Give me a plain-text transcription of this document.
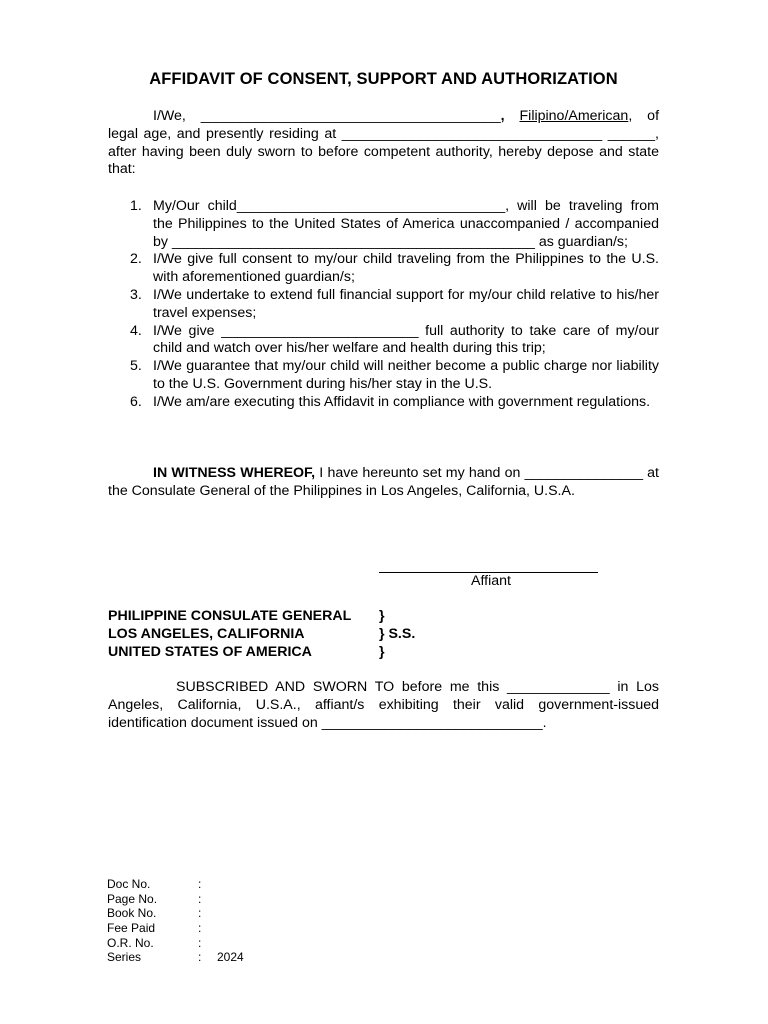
AFFIDAVIT OF CONSENT, SUPPORT AND AUTHORIZATION
I/We, ______________________________________, Filipino/American, of legal age, and presently residing at _________________________________ ______, after having been duly sworn to before competent authority, hereby depose and state that:
1. My/Our child__________________________________, will be traveling from the Philippines to the United States of America unaccompanied / accompanied by ______________________________________________ as guardian/s;
2. I/We give full consent to my/our child traveling from the Philippines to the U.S. with aforementioned guardian/s;
3. I/We undertake to extend full financial support for my/our child relative to his/her travel expenses;
4. I/We give _________________________ full authority to take care of my/our child and watch over his/her welfare and health during this trip;
5. I/We guarantee that my/our child will neither become a public charge nor liability to the U.S. Government during his/her stay in the U.S.
6. I/We am/are executing this Affidavit in compliance with government regulations.
IN WITNESS WHEREOF, I have hereunto set my hand on _______________ at the Consulate General of the Philippines in Los Angeles, California, U.S.A.
Affiant
PHILIPPINE CONSULATE GENERAL }
LOS ANGELES, CALIFORNIA	} S.S.
UNITED STATES OF AMERICA	}
SUBSCRIBED AND SWORN TO before me this _____________ in Los Angeles, California, U.S.A., affiant/s exhibiting their valid government-issued identification document issued on ____________________________.
Doc No.	:
Page No.	:
Book No.	:
Fee Paid	:
O.R. No.	:
Series	: 2024
